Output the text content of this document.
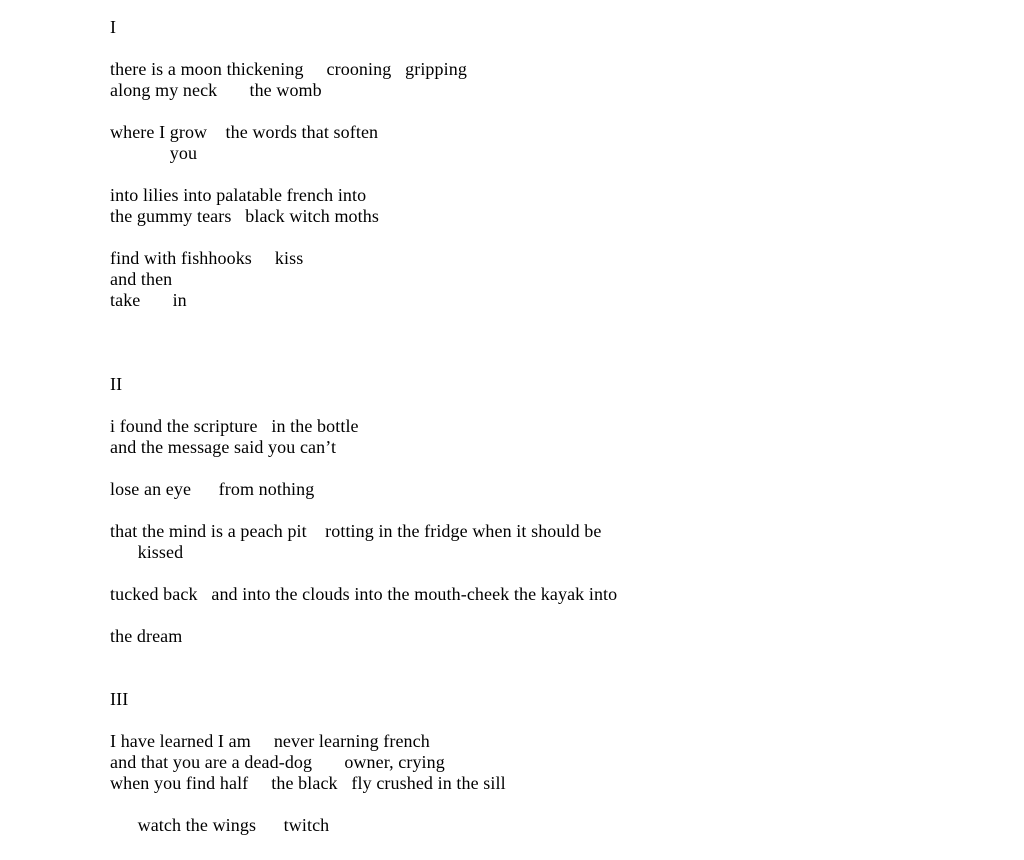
I
there is a moon thickening     crooning   gripping
along my neck       the womb
where I grow    the words that soften
you
into lilies into palatable french into
the gummy tears   black witch moths
find with fishhooks     kiss
and then
take       in
II
i found the scripture   in the bottle
and the message said you can’t
lose an eye      from nothing
that the mind is a peach pit    rotting in the fridge when it should be
kissed
tucked back   and into the clouds into the mouth-cheek the kayak into
the dream
III
I have learned I am     never learning french
and that you are a dead-dog       owner, crying
when you find half     the black   fly crushed in the sill
watch the wings      twitch
